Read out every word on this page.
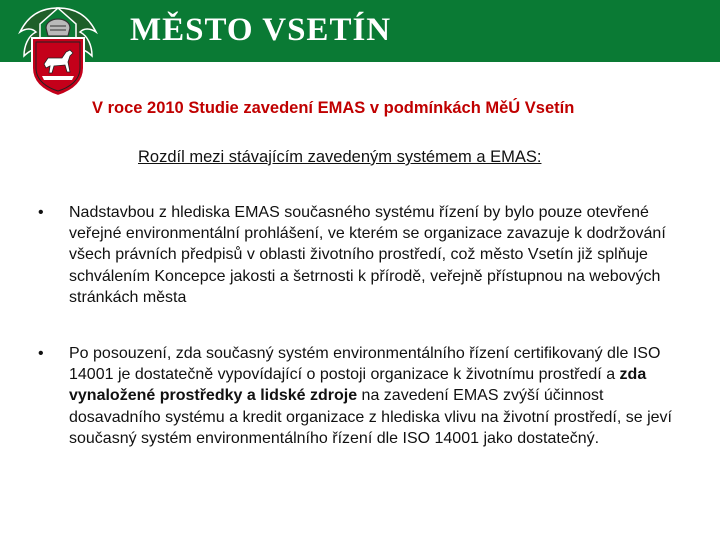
MĚSTO VSETÍN
V roce 2010 Studie zavedení EMAS v podmínkách MěÚ Vsetín
Rozdíl mezi stávajícím zavedeným systémem a EMAS:
• Nadstavbou z hlediska EMAS současného systému řízení by bylo pouze otevřené veřejné environmentální prohlášení, ve kterém se organizace zavazuje k dodržování všech právních předpisů v oblasti životního prostředí, což město Vsetín již splňuje schválením Koncepce jakosti a šetrnosti k přírodě, veřejně přístupnou na webových stránkách města
• Po posouzení, zda současný systém environmentálního řízení certifikovaný dle ISO 14001 je dostatečně vypovídající o postoji organizace k životnímu prostředí a zda vynaložené prostředky a lidské zdroje na zavedení EMAS zvýší účinnost dosavadního systému a kredit organizace z hlediska vlivu na životní prostředí, se jeví současný systém environmentálního řízení dle ISO 14001 jako dostatečný.
